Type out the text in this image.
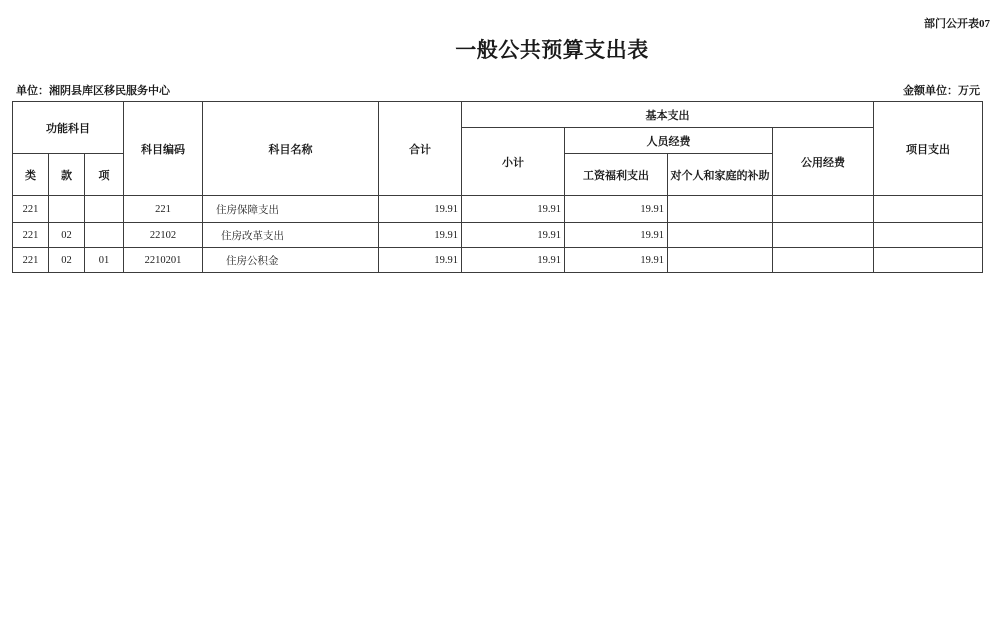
部门公开表07
一般公共预算支出表
单位：湘阴县库区移民服务中心	金额单位：万元
功能科目			科目编码	科目名称	合计	基本支出				项目支出
						小计	人员经费		公用经费	
类	款	项					工资福利支出	对个人和家庭的补助		
221			221	住房保障支出	19.91	19.91	19.91			
221	02		22102	住房改革支出	19.91	19.91	19.91			
221	02	01	2210201	住房公积金	19.91	19.91	19.91			
